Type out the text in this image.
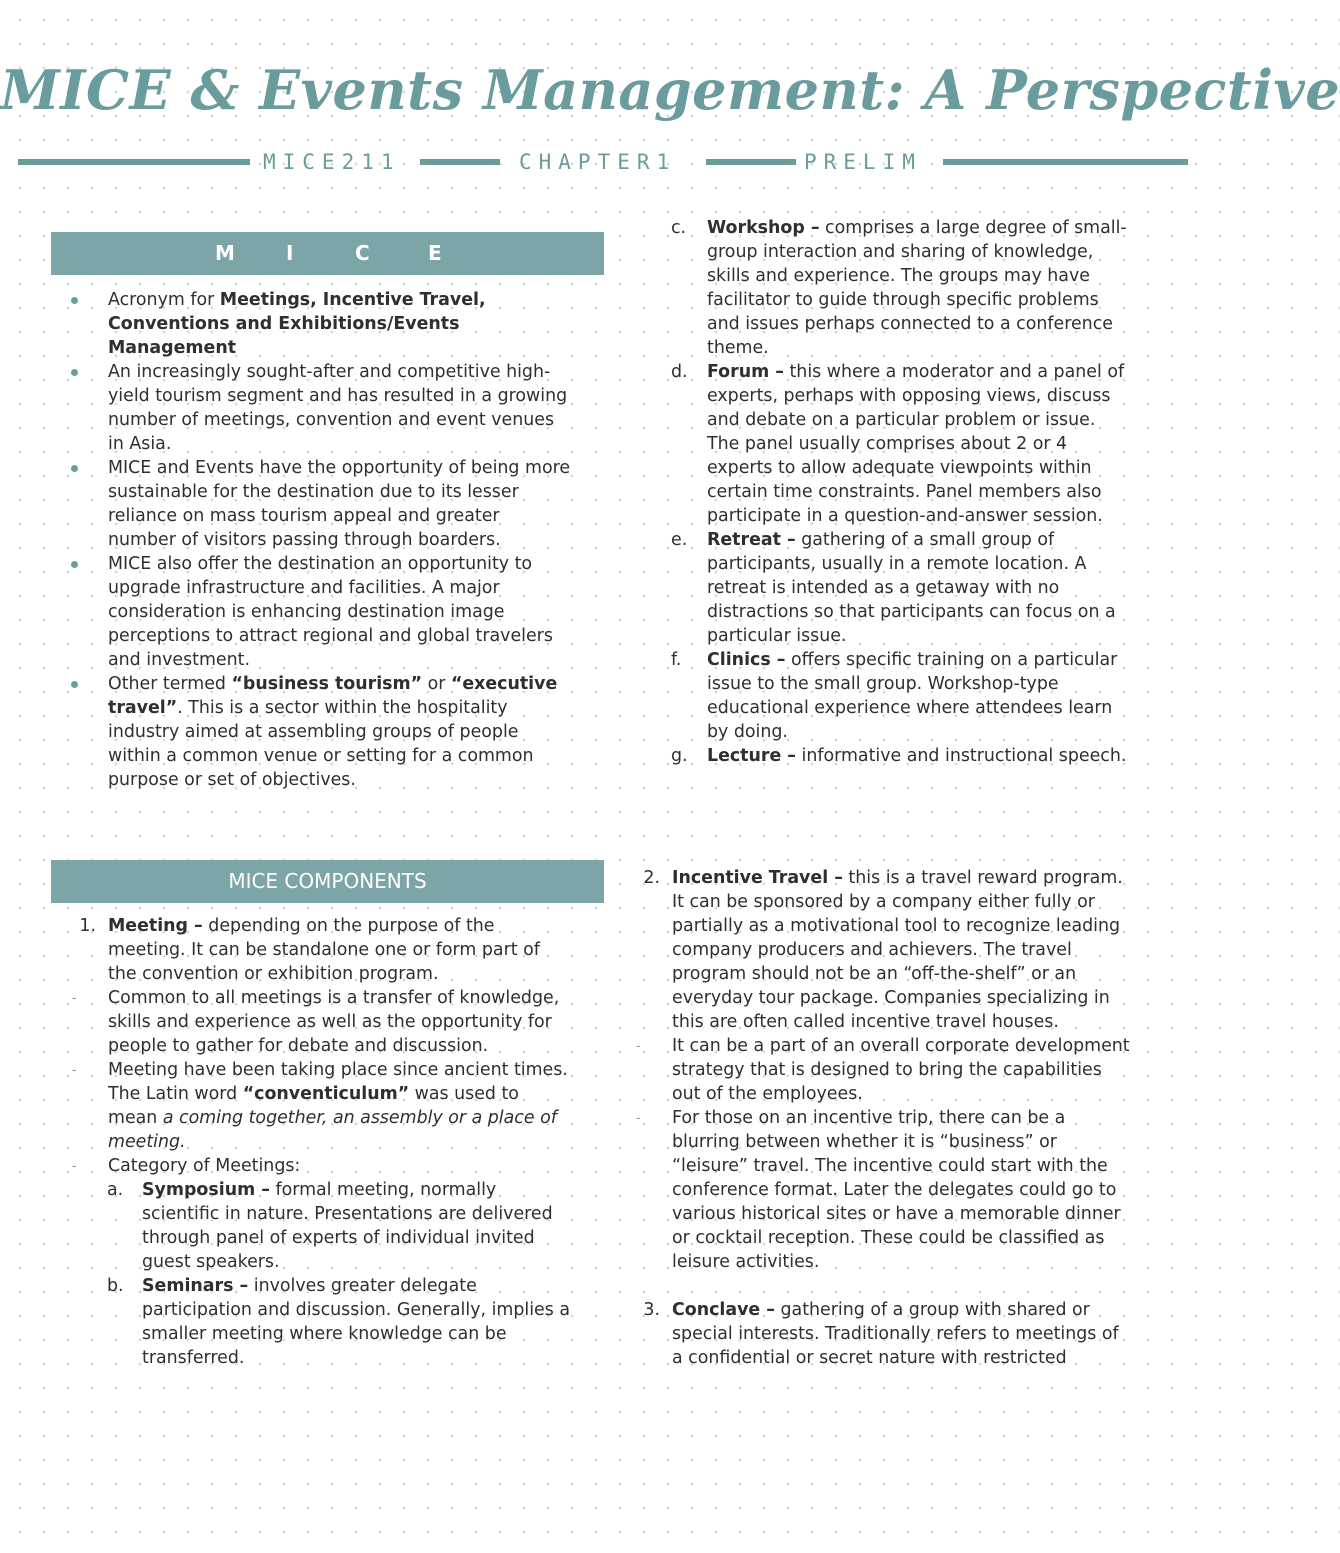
MICE & Events Management: A Perspective
MICE211	CHAPTER1	PRELIM
M	I	C	E

Acronym for Meetings, Incentive Travel, Conventions and Exhibitions/Events Management

An increasingly sought-after and competitive high-yield tourism segment and has resulted in a growing number of meetings, convention and event venues in Asia.

MICE and Events have the opportunity of being more sustainable for the destination due to its lesser reliance on mass tourism appeal and greater number of visitors passing through boarders.

MICE also offer the destination an opportunity to upgrade infrastructure and facilities. A major consideration is enhancing destination image perceptions to attract regional and global travelers and investment.

Other termed “business tourism” or “executive travel”. This is a sector within the hospitality industry aimed at assembling groups of people within a common venue or setting for a common purpose or set of objectives.

MICE COMPONENTS

1. Meeting – depending on the purpose of the meeting. It can be standalone one or form part of the convention or exhibition program.

- Common to all meetings is a transfer of knowledge, skills and experience as well as the opportunity for people to gather for debate and discussion.

- Meeting have been taking place since ancient times. The Latin word “conventiculum” was used to mean a coming together, an assembly or a place of meeting.

- Category of Meetings:

a.	Symposium – formal meeting, normally scientific in nature. Presentations are delivered through panel of experts of individual invited guest speakers.

b.	Seminars – involves greater delegate participation and discussion. Generally, implies a smaller meeting where knowledge can be transferred.

c.	Workshop – comprises a large degree of small-group interaction and sharing of knowledge, skills and experience. The groups may have facilitator to guide through specific problems and issues perhaps connected to a conference theme.

d.	Forum – this where a moderator and a panel of experts, perhaps with opposing views, discuss and debate on a particular problem or issue. The panel usually comprises about 2 or 4 experts to allow adequate viewpoints within certain time constraints. Panel members also participate in a question-and-answer session.

e.	Retreat – gathering of a small group of participants, usually in a remote location. A retreat is intended as a getaway with no distractions so that participants can focus on a particular issue.

f.	Clinics – offers specific training on a particular issue to the small group. Workshop-type educational experience where attendees learn by doing.

g.	Lecture – informative and instructional speech.

2. Incentive Travel – this is a travel reward program. It can be sponsored by a company either fully or partially as a motivational tool to recognize leading company producers and achievers. The travel program should not be an “off-the-shelf” or an everyday tour package. Companies specializing in this are often called incentive travel houses.

- It can be a part of an overall corporate development strategy that is designed to bring the capabilities out of the employees.

- For those on an incentive trip, there can be a blurring between whether it is “business” or “leisure” travel. The incentive could start with the conference format. Later the delegates could go to various historical sites or have a memorable dinner or cocktail reception. These could be classified as leisure activities.

3. Conclave – gathering of a group with shared or special interests. Traditionally refers to meetings of a confidential or secret nature with restricted
